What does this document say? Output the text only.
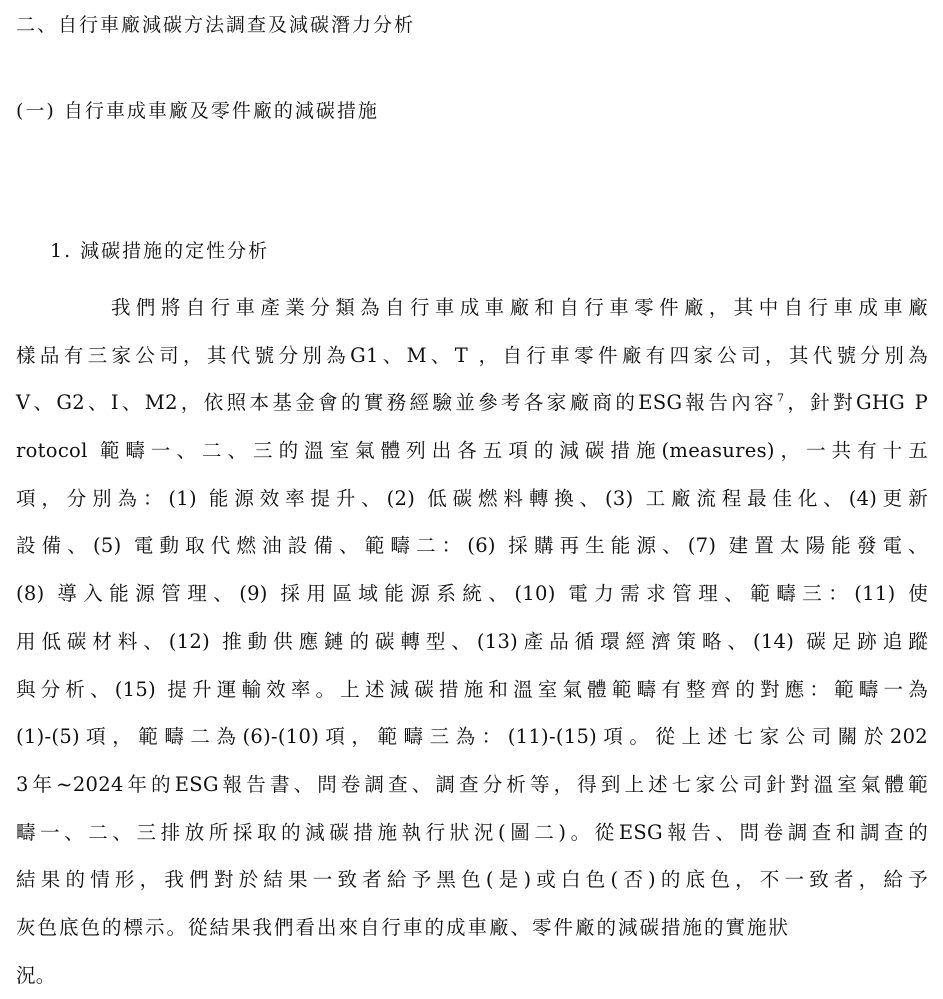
二、自行車廠減碳方法調查及減碳潛力分析
(一) 自行車成車廠及零件廠的減碳措施
1. 減碳措施的定性分析
我們將自行車產業分類為自行車成車廠和自行車零件廠，其中自行車成車廠
樣品有三家公司，其代號分別為G1、M、T ，自行車零件廠有四家公司，其代號分別為
V、G2、I、M2，依照本基金會的實務經驗並參考各家廠商的ESG報告內容$^7$，針對GHG P
rotocol 範疇一、二、三的溫室氣體列出各五項的減碳措施(measures)，一共有十五
項，分別為：(1) 能源效率提升、(2) 低碳燃料轉換、(3) 工廠流程最佳化、(4)更新
設備、(5) 電動取代燃油設備、範疇二：(6) 採購再生能源、(7) 建置太陽能發電、
(8) 導入能源管理、(9) 採用區域能源系統、(10) 電力需求管理、範疇三：(11) 使
用低碳材料、(12) 推動供應鏈的碳轉型、(13)產品循環經濟策略、(14) 碳足跡追蹤
與分析、(15) 提升運輸效率。上述減碳措施和溫室氣體範疇有整齊的對應：範疇一為
(1)-(5)項，範疇二為(6)-(10)項，範疇三為：(11)-(15)項。從上述七家公司關於202
3年~2024年的ESG報告書、問卷調查、調查分析等，得到上述七家公司針對溫室氣體範
疇一、二、三排放所採取的減碳措施執行狀況(圖二)。從ESG報告、問卷調查和調查的
結果的情形，我們對於結果一致者給予黑色(是)或白色(否)的底色，不一致者，給予
灰色底色的標示。從結果我們看出來自行車的成車廠、零件廠的減碳措施的實施狀
況。
